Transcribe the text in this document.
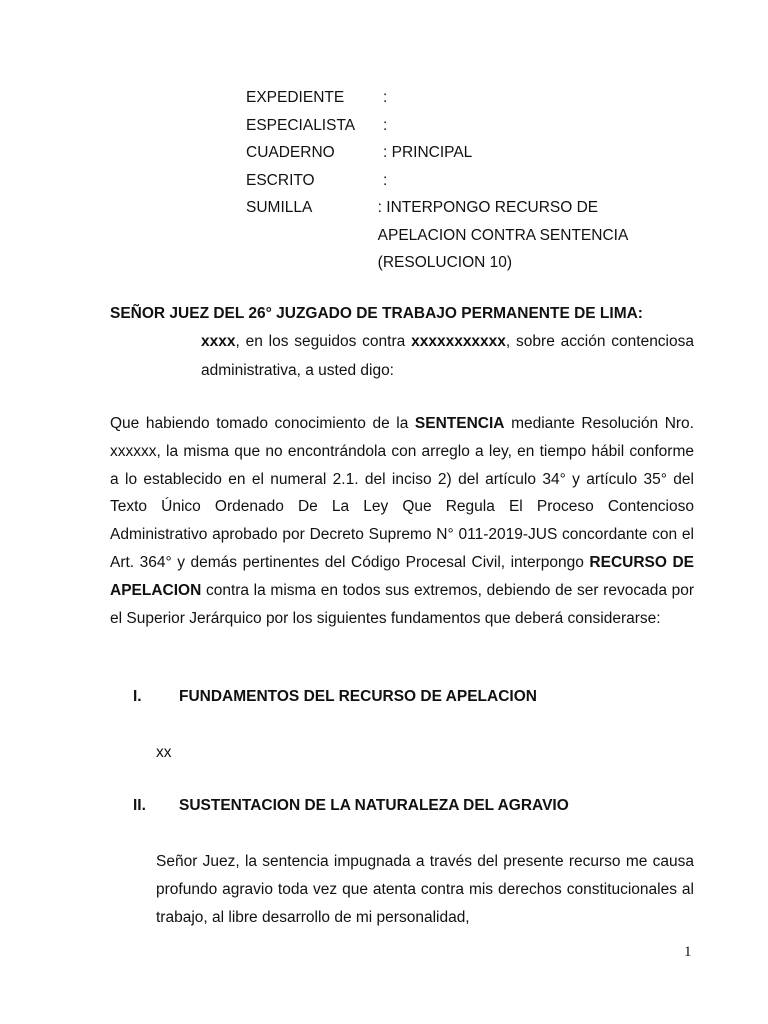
EXPEDIENTE	:
ESPECIALISTA	:
CUADERNO	: PRINCIPAL
ESCRITO	:
SUMILLA	: INTERPONGO RECURSO DE
APELACION CONTRA SENTENCIA
(RESOLUCION 10)
SEÑOR JUEZ DEL 26° JUZGADO DE TRABAJO PERMANENTE DE LIMA:
xxxx, en los seguidos contra xxxxxxxxxxx, sobre acción contenciosa administrativa, a usted digo:
Que habiendo tomado conocimiento de la SENTENCIA mediante Resolución Nro. xxxxxx, la misma que no encontrándola con arreglo a ley, en tiempo hábil conforme a lo establecido en el numeral 2.1. del inciso 2) del artículo 34° y artículo 35° del Texto Único Ordenado De La Ley Que Regula El Proceso Contencioso Administrativo aprobado por Decreto Supremo N° 011-2019-JUS concordante con el Art. 364° y demás pertinentes del Código Procesal Civil, interpongo RECURSO DE APELACION contra la misma en todos sus extremos, debiendo de ser revocada por el Superior Jerárquico por los siguientes fundamentos que deberá considerarse:
I.	FUNDAMENTOS DEL RECURSO DE APELACION
xx
II.	SUSTENTACION DE LA NATURALEZA DEL AGRAVIO
Señor Juez, la sentencia impugnada a través del presente recurso me causa profundo agravio toda vez que atenta contra mis derechos constitucionales al trabajo, al libre desarrollo de mi personalidad,
1
